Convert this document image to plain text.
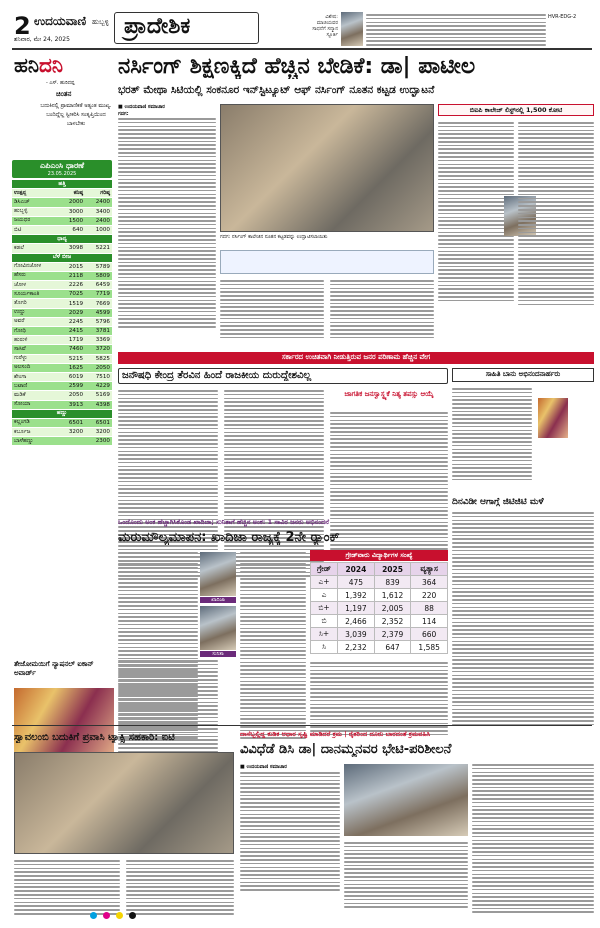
2 ಉದಯವಾಣಿ ಹುಬ್ಬಳ್ಳಿ
ಶನಿವಾರ, ಮೇ 24, 2025
ಪ್ರಾದೇಶಿಕ	ವಿಶೇಷ:
ಮಾಜಿಯವರ
ಸಾಧನೆಗೆ ಸನ್ಮಾನ
ಸ್ಫೂರ್ತಿ
HVR-EDG-2
ಹನಿದನಿ
- ಎಸ್. ಹುರಿದಪ್ಪ
ಚಿಂತನ
ಬದುಕಿನಲ್ಲಿ ಪ್ರಾಮಾಣಿಕತೆ ಅತ್ಯಂತ ಮುಖ್ಯ. ಬಂದಿದ್ದೆಲ್ಲ ಸ್ವೀಕರಿಸಿ ಸಂತೃಪ್ತಿಯಿಂದ ಬಾಳಬೇಕು
ಎಪಿಎಂಸಿ ಧಾರಣೆ
23.05.2025
ಹತ್ತಿ		
ಉತ್ಪನ್ನ	ಕನಿಷ್ಠ	ಗರಿಷ್ಠ
ಡಿಸಿಎಚ್	2000	2400
ಹುಬ್ಬಳ್ಳಿ	3000	3400
ಜಯಧರ	1500	2400
ಬಿಟಿ	640	1000
ಧಾನ್ಯ		
ಕಡಲೆ	3098	5221
ಬೆಳೆ ಬೀಜ		
ಗೋವಿನಜೋಳ	2015	5789
ಹೆಸರು	2118	5809
ಜೋಳ	2226	6459
ಸೂರ್ಯಕಾಂತಿ	7025	7719
ತೊಗರಿ	1519	7669
ಉದ್ದು	2029	4599
ಅವರೆ	2245	5796
ಗೋಧಿ	2415	3781
ಹುರುಳಿ	1719	3369
ಸಾಸಿವೆ	7460	3720
ಗುರೆಳ್ಳು	5215	5825
ಅಲಸಂದಿ	1625	2050
ಶೇಂಗಾ	6019	7510
ಬಟಾಣಿ	2599	4229
ಮಡಿಕೆ	2050	5169
ಸೋಯಾ	3913	4398
ಹಣ್ಣು		
ಕಲ್ಲಂಗಡಿ	6501	6501
ಕರ್ಬೂಜ	3200	3200
ಬಾಳೆಹಣ್ಣು		2300
ತೇಜೋಮಯಿಗೆ ನ್ಯಾಷನಲ್ ಐಕಾನ್ ಅವಾರ್ಡ್
ನರ್ಸಿಂಗ್ ಶಿಕ್ಷಣಕ್ಕಿದೆ ಹೆಚ್ಚಿನ ಬೇಡಿಕೆ: ಡಾ| ಪಾಟೀಲ
ಭರತ್ ಮೇಥಾ ಸಿಟಿಯಲ್ಲಿ ಸಂಕನೂರ ಇನ್‌ಸ್ಟಿಟ್ಯೂಟ್ ಆಫ್ ನರ್ಸಿಂಗ್ ನೂತನ ಕಟ್ಟಡ ಉದ್ಘಾಟನೆ
■ ಉದಯವಾಣಿ ಸಮಾಚಾರ
ಗದಗ:
ಗದಗ: ನರ್ಸಿಂಗ್ ಕಾಲೇಜಿನ ನೂತನ ಕಟ್ಟಡವನ್ನು ಉದ್ಘಾಟಿಸಲಾಯಿತು
ಬಿಐಪಿ ಕಾಲೇಜ್ ಲಿಸ್ಟ್‌ನಲ್ಲಿ 1,500 ಕೋಟಿ
ಸರ್ಕಾರದ ಉಚಿತವಾಗಿ ನೀಡುತ್ತಿರುವ ಜನರ ಪರಿಣಾಮ ಹೆಚ್ಚಿನ ವೇಗ
ಜನೌಷಧಿ ಕೇಂದ್ರ ತೆರವಿನ ಹಿಂದೆ ರಾಜಕೀಯ ದುರುದ್ದೇಶವಿಲ್ಲ
ಜಾಗತಿಕ ಜನಸ್ವಾಸ್ಥ್ಯಕೆ ನಿತ್ಯ ತಪಸ್ಸು ಆಯ್ಕೆ
ಸಾಹಿತಿ ಬಾನು ಅಭಿನಂದನಾರ್ಹರು
ದಿನವಿಡೀ ಆಗಾಗ್ಗೆ ಜಿಟಿಜಿಟಿ ಮಳೆ
ಒಂದೊಂದು ಅಂಕ ಹೆಚ್ಚಾಗಿಸಿಕೊಂಡ ಖಾದಿಜಾ; ಸುನಿತಾಗೆ ಹೆಚ್ಚಿನ ಅಂಕ: 1 ಸಾವಿರ ಜನರು ಅಭಿನಂದನೆ
ಮರುಮೌಲ್ಯಮಾಪನ: ಖಾದಿಜಾ ರಾಜ್ಯಕ್ಕೆ 2ನೇ ರ‍್ಯಾಂಕ್
ಖಾದಿಜಾ
ಸುನಿತಾ
ಗ್ರೇಡ್‌ವಾರು ವಿದ್ಯಾರ್ಥಿಗಳ ಸಂಖ್ಯೆ
ಗ್ರೇಡ್	2024	2025	ವ್ಯತ್ಯಾಸ
ಎ+	475	839	364
ಎ	1,392	1,612	220
ಬಿ+	1,197	2,005	88
ಬಿ	2,466	2,352	114
ಸಿ+	3,039	2,379	660
ಸಿ	2,232	647	1,585
ಸ್ವಾವಲಂಬಿ ಬದುಕಿಗೆ ಪ್ರವಾಸಿ ಟ್ಯಾಕ್ಸಿ ಸಹಕಾರಿ: ಐಟಿ	ದಾಸೆಬ್ಬಲ್ಲಿದ್ದ ಕುಡಿಕ ಆಧಾರ ಸೃಷ್ಟಿ ಮಾಡಿದರೆ ಕ್ರಮ | ರೈತರಿಂದ ದೂರು ಬಾರದಂತೆ ಕ್ರಮವಹಿಸಿ
ವಿವಿಧೆಡೆ ಡಿಸಿ ಡಾ| ದಾನಮ್ಮನವರ ಭೇಟಿ-ಪರಿಶೀಲನೆ
■ ಉದಯವಾಣಿ ಸಮಾಚಾರ
